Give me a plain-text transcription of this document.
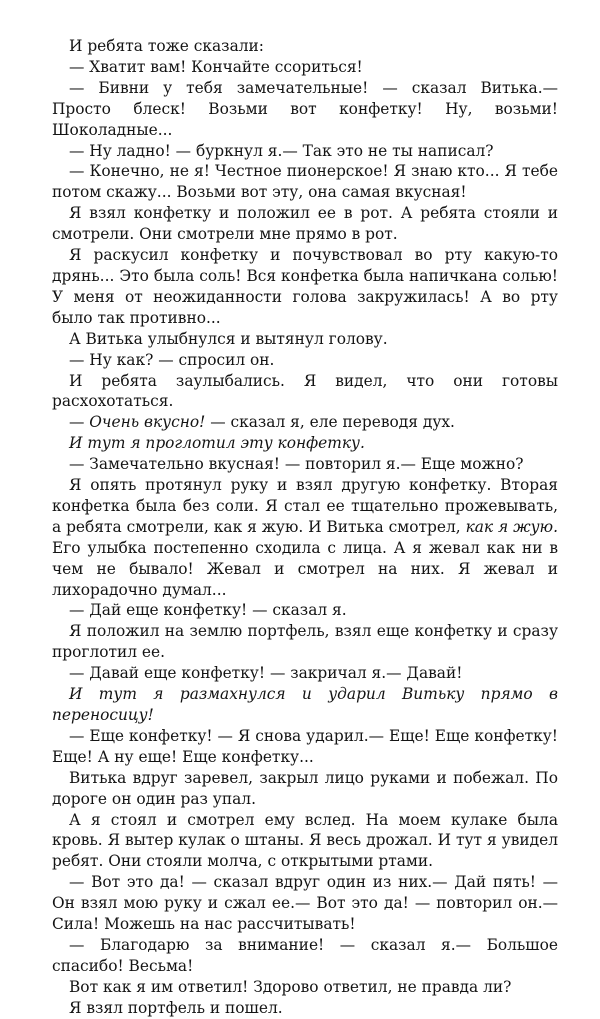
И ребята тоже сказали:

— Хватит вам! Кончайте ссориться!

— Бивни у тебя замечательные! — сказал Витька.— Просто блеск! Возьми вот конфетку! Ну, возьми! Шоколадные...

— Ну ладно! — буркнул я.— Так это не ты написал?

— Конечно, не я! Честное пионерское! Я знаю кто... Я тебе потом скажу... Возьми вот эту, она самая вкусная!

Я взял конфетку и положил ее в рот. А ребята стояли и смотрели. Они смотрели мне прямо в рот.

Я раскусил конфетку и почувствовал во рту какую-то дрянь... Это была соль! Вся конфетка была напичкана солью! У меня от неожиданности голова закружилась! А во рту было так противно...

А Витька улыбнулся и вытянул голову.

— Ну как? — спросил он.

И ребята заулыбались. Я видел, что они готовы расхохотаться.

— Очень вкусно! — сказал я, еле переводя дух.

И тут я проглотил эту конфетку.

— Замечательно вкусная! — повторил я.— Еще можно?

Я опять протянул руку и взял другую конфетку. Вторая конфетка была без соли. Я стал ее тщательно прожевывать, а ребята смотрели, как я жую. И Витька смотрел, как я жую. Его улыбка постепенно сходила с лица. А я жевал как ни в чем не бывало! Жевал и смотрел на них. Я жевал и лихорадочно думал...

— Дай еще конфетку! — сказал я.

Я положил на землю портфель, взял еще конфетку и сразу проглотил ее.

— Давай еще конфетку! — закричал я.— Давай!

И тут я размахнулся и ударил Витьку прямо в переносицу!

— Еще конфетку! — Я снова ударил.— Еще! Еще конфетку! Еще! А ну еще! Еще конфетку...

Витька вдруг заревел, закрыл лицо руками и побежал. По дороге он один раз упал.

А я стоял и смотрел ему вслед. На моем кулаке была кровь. Я вытер кулак о штаны. Я весь дрожал. И тут я увидел ребят. Они стояли молча, с открытыми ртами.

— Вот это да! — сказал вдруг один из них.— Дай пять! — Он взял мою руку и сжал ее.— Вот это да! — повторил он.— Сила! Можешь на нас рассчитывать!

— Благодарю за внимание! — сказал я.— Большое спасибо! Весьма!

Вот как я им ответил! Здорово ответил, не правда ли?

Я взял портфель и пошел.
